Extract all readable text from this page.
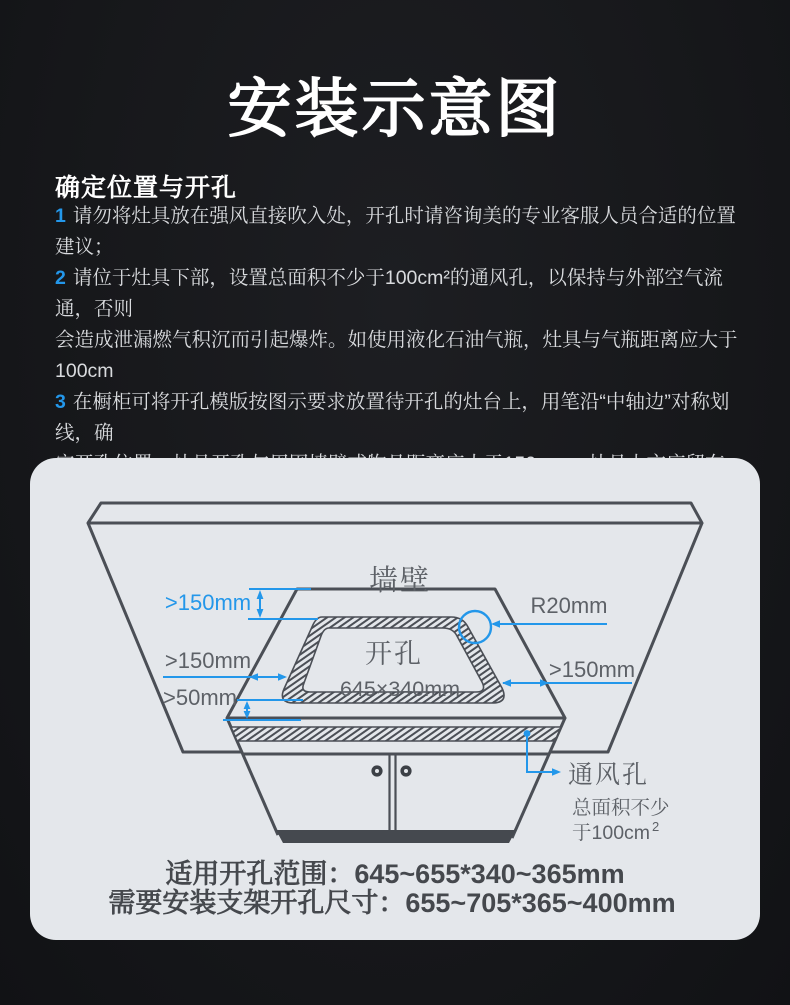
安装示意图
确定位置与开孔

1 请勿将灶具放在强风直接吹入处，开孔时请咨询美的专业客服人员合适的位置建议；

2 请位于灶具下部，设置总面积不少于100cm²的通风孔，以保持与外部空气流通，否则
会造成泄漏燃气积沉而引起爆炸。如使用液化石油气瓶，灶具与气瓶距离应大于100cm

3 在橱柜可将开孔模版按图示要求放置待开孔的灶台上，用笔沿“中轴边”对称划线，确

墙壁
开孔
645×340mm
>150mm
>150mm
>50mm
>150mm
R20mm
通风孔
总面积不少
于100cm $^2$
适用开孔范围：645~655*340~365mm
需要安装支架开孔尺寸：655~705*365~400mm
